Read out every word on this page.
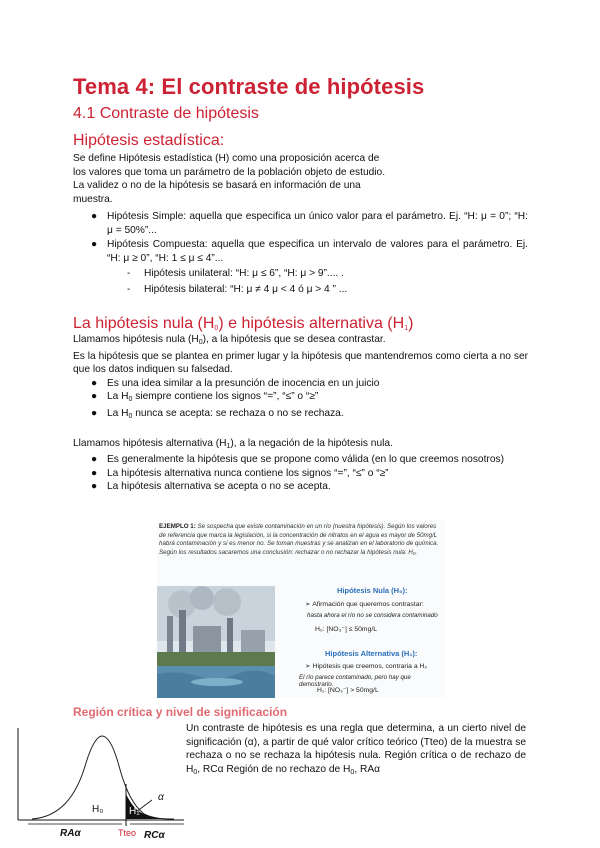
Tema 4: El contraste de hipótesis
4.1 Contraste de hipótesis
Hipótesis estadística:
Se define Hipótesis estadística (H) como una proposición acerca de
los valores que toma un parámetro de la población objeto de estudio.
La validez o no de la hipótesis se basará en información de una
muestra.
● Hipótesis Simple: aquella que especifica un único valor para el parámetro. Ej. “H: μ = 0”; “H: μ = 50%”...
● Hipótesis Compuesta: aquella que especifica un intervalo de valores para el parámetro. Ej. “H: μ ≥ 0”, “H: 1 ≤ μ ≤ 4”...
- Hipótesis unilateral: “H: μ ≤ 6”, “H: μ > 9”.... .
- Hipótesis bilateral: “H: μ ≠ 4 μ < 4 ó μ > 4 ” ...
La hipótesis nula $(H_0)$ e hipótesis alternativa $(H_1)$
Llamamos hipótesis nula $(H_0)$, a la hipótesis que se desea contrastar.
Es la hipótesis que se plantea en primer lugar y la hipótesis que mantendremos como cierta a no ser que los datos indiquen su falsedad.
● Es una idea similar a la presunción de inocencia en un juicio
● La $H_0$ siempre contiene los signos “=”, “≤” o “≥”
● La $H_0$ nunca se acepta: se rechaza o no se rechaza.
Llamamos hipótesis alternativa $(H_1)$, a la negación de la hipótesis nula.
● Es generalmente la hipótesis que se propone como válida (en lo que creemos nosotros)
● La hipótesis alternativa nunca contiene los signos “=”, “≤” o “≥”
● La hipótesis alternativa se acepta o no se acepta.
EJEMPLO 1: Se sospecha que existe contaminación en un río (nuestra hipótesis). Según los valores de referencia que marca la legislación, si la concentración de nitratos en el agua es mayor de 50mg/L habrá contaminación y si es menor no. Se toman muestras y se analizan en el laboratorio de química. Según los resultados sacaremos una conclusión: rechazar o no rechazar la hipótesis nula: H₀.
Hipótesis Nula (H₀):
➢ Afirmación que queremos contrastar:
hasta ahora el río no se considera contaminado
H₀: [NO₃⁻] ≤ 50mg/L
Hipótesis Alternativa (H₁):
➢ Hipótesis que creemos, contraria a H₀
El río parece contaminado, pero hay que demostrarlo.
H₁: [NO₃⁻] > 50mg/L
Región crítica y nivel de significación
Un contraste de hipótesis es una regla que determina, a un cierto nivel de significación (α), a partir de qué valor crítico teórico (Tteo) de la muestra se rechaza o no se rechaza la hipótesis nula. Región crítica o de rechazo de $H_0$, RCα Región de no rechazo de $H_0$, RAα
H₀	H₁
α
RAα	Tteo RCα
